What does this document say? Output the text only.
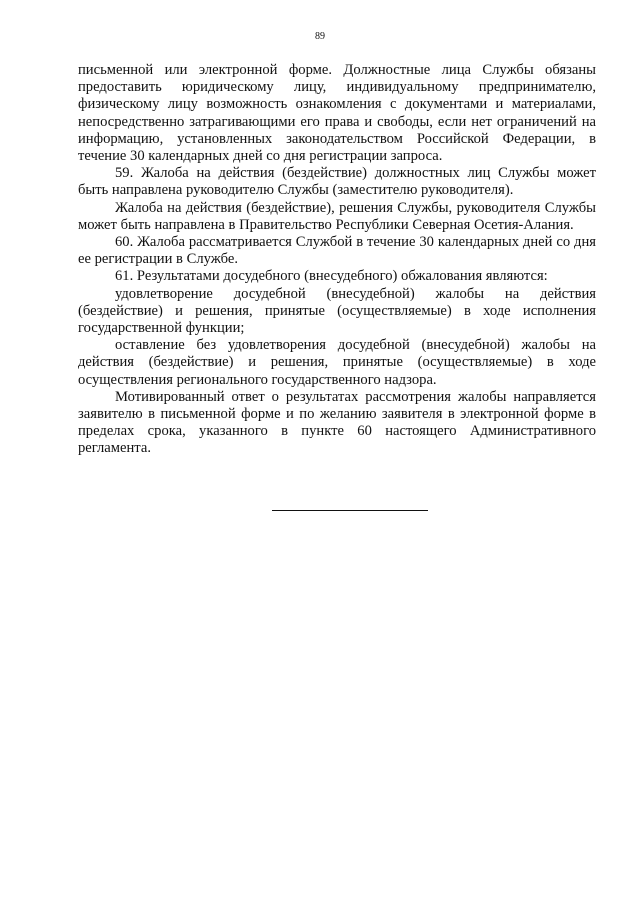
89

письменной или электронной форме. Должностные лица Службы обязаны предоставить юридическому лицу, индивидуальному предпринимателю, физическому лицу возможность ознакомления с документами и материалами, непосредственно затрагивающими его права и свободы, если нет ограничений на информацию, установленных законодательством Российской Федерации, в течение 30 календарных дней со дня регистрации запроса.

59. Жалоба на действия (бездействие) должностных лиц Службы может быть направлена руководителю Службы (заместителю руководителя).

Жалоба на действия (бездействие), решения Службы, руководителя Службы может быть направлена в Правительство Республики Северная Осетия-Алания.

60. Жалоба рассматривается Службой в течение 30 календарных дней со дня ее регистрации в Службе.

61. Результатами досудебного (внесудебного) обжалования являются:

удовлетворение досудебной (внесудебной) жалобы на действия (бездействие) и решения, принятые (осуществляемые) в ходе исполнения государственной функции;

оставление без удовлетворения досудебной (внесудебной) жалобы на действия (бездействие) и решения, принятые (осуществляемые) в ходе осуществления регионального государственного надзора.

Мотивированный ответ о результатах рассмотрения жалобы направляется заявителю в письменной форме и по желанию заявителя в электронной форме в пределах срока, указанного в пункте 60 настоящего Административного регламента.
